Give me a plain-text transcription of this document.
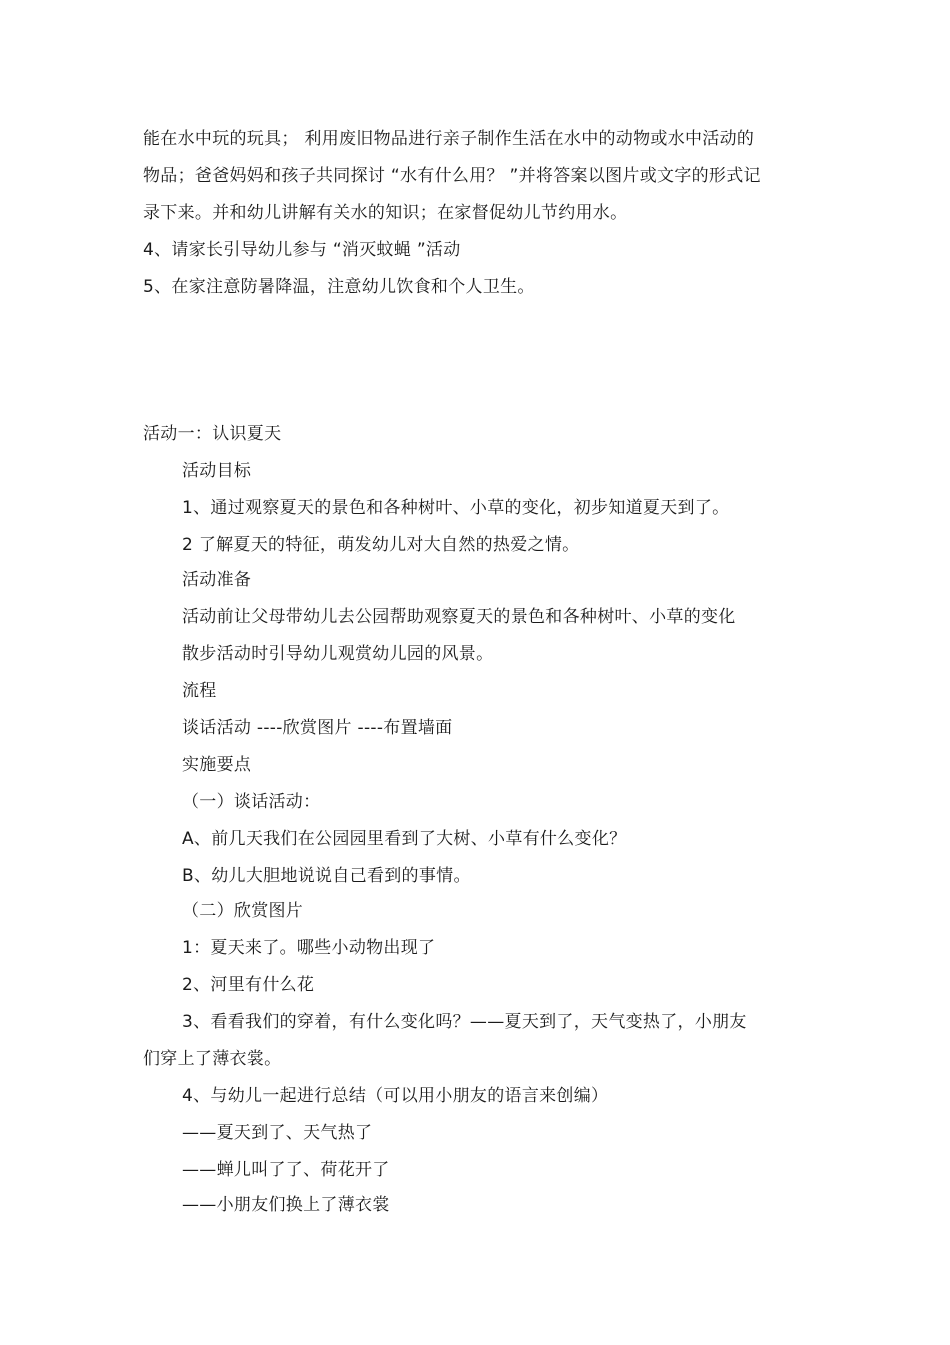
能在水中玩的玩具； 利用废旧物品进行亲子制作生活在水中的动物或水中活动的
物品；爸爸妈妈和孩子共同探讨 “水有什么用？ ”并将答案以图片或文字的形式记
录下来。并和幼儿讲解有关水的知识；在家督促幼儿节约用水。
4、请家长引导幼儿参与 “消灭蚊蝇 ”活动
5、在家注意防暑降温，注意幼儿饮食和个人卫生。
活动一：认识夏天
活动目标
1、通过观察夏天的景色和各种树叶、小草的变化，初步知道夏天到了。
2 了解夏天的特征，萌发幼儿对大自然的热爱之情。
活动准备
活动前让父母带幼儿去公园帮助观察夏天的景色和各种树叶、小草的变化
散步活动时引导幼儿观赏幼儿园的风景。
流程
谈话活动 ----欣赏图片 ----布置墙面
实施要点
（一）谈话活动：
A、前几天我们在公园园里看到了大树、小草有什么变化？
B、幼儿大胆地说说自己看到的事情。
（二）欣赏图片
1：夏天来了。哪些小动物出现了
2、河里有什么花
3、看看我们的穿着，有什么变化吗？——夏天到了，天气变热了，小朋友
们穿上了薄衣裳。
4、与幼儿一起进行总结（可以用小朋友的语言来创编）
——夏天到了、天气热了
——蝉儿叫了了、荷花开了
——小朋友们换上了薄衣裳
